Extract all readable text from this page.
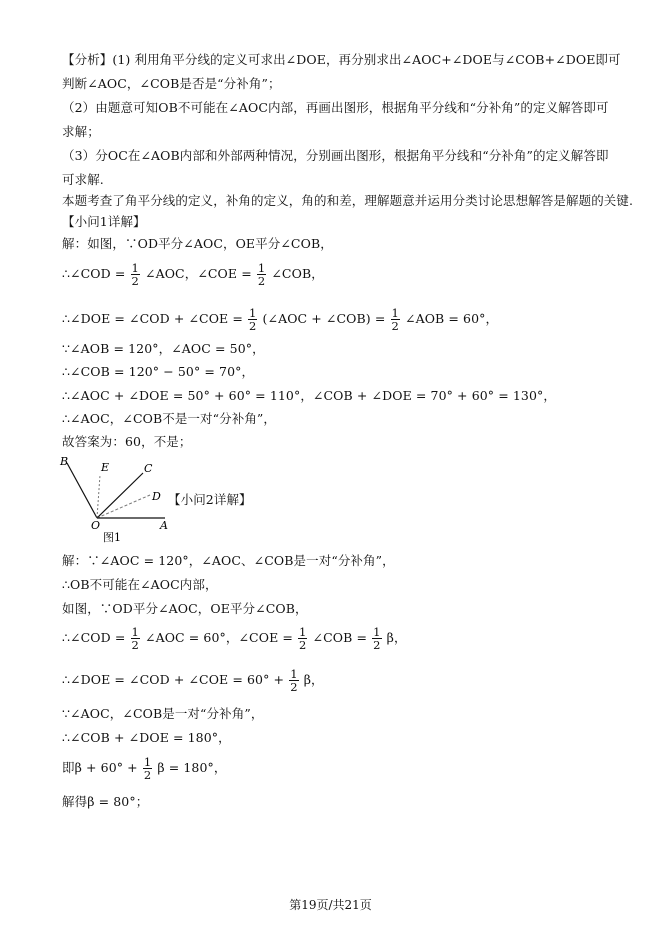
【分析】(1) 利用角平分线的定义可求出∠DOE，再分别求出∠AOC+∠DOE与∠COB+∠DOE即可
判断∠AOC，∠COB是否是“分补角”；
（2）由题意可知OB不可能在∠AOC内部，再画出图形，根据角平分线和“分补角”的定义解答即可
求解；
（3）分OC在∠AOB内部和外部两种情况，分别画出图形，根据角平分线和“分补角”的定义解答即
可求解.
本题考查了角平分线的定义，补角的定义，角的和差，理解题意并运用分类讨论思想解答是解题的关键.
【小问1详解】
解：如图，∵OD平分∠AOC，OE平分∠COB，
∴∠COD = $\frac{1}{2}$ ∠AOC，∠COE = $\frac{1}{2}$ ∠COB，
∴∠DOE = ∠COD + ∠COE = $\frac{1}{2}$ (∠AOC + ∠COB) = $\frac{1}{2}$ ∠AOB = 60°，
∵∠AOB = 120°，∠AOC = 50°，
∴∠COB = 120° − 50° = 70°，
∴∠AOC + ∠DOE = 50° + 60° = 110°，∠COB + ∠DOE = 70° + 60° = 130°，
∴∠AOC，∠COB不是一对“分补角”，
故答案为：60，不是；
B	E	C
D
O	A
图1
【小问2详解】
解：∵∠AOC = 120°，∠AOC、∠COB是一对“分补角”，
∴OB不可能在∠AOC内部，
如图，∵OD平分∠AOC，OE平分∠COB，
∴∠COD = $\frac{1}{2}$ ∠AOC = 60°，∠COE = $\frac{1}{2}$ ∠COB = $\frac{1}{2}$ β，
∴∠DOE = ∠COD + ∠COE = $60^\circ + \frac{1}{2}$ β，
∵∠AOC，∠COB是一对“分补角”，
∴∠COB + ∠DOE = 180°，
即$\beta + 60^\circ + \frac{1}{2}$ β = 180°，
解得β = 80°；
第19页/共21页
